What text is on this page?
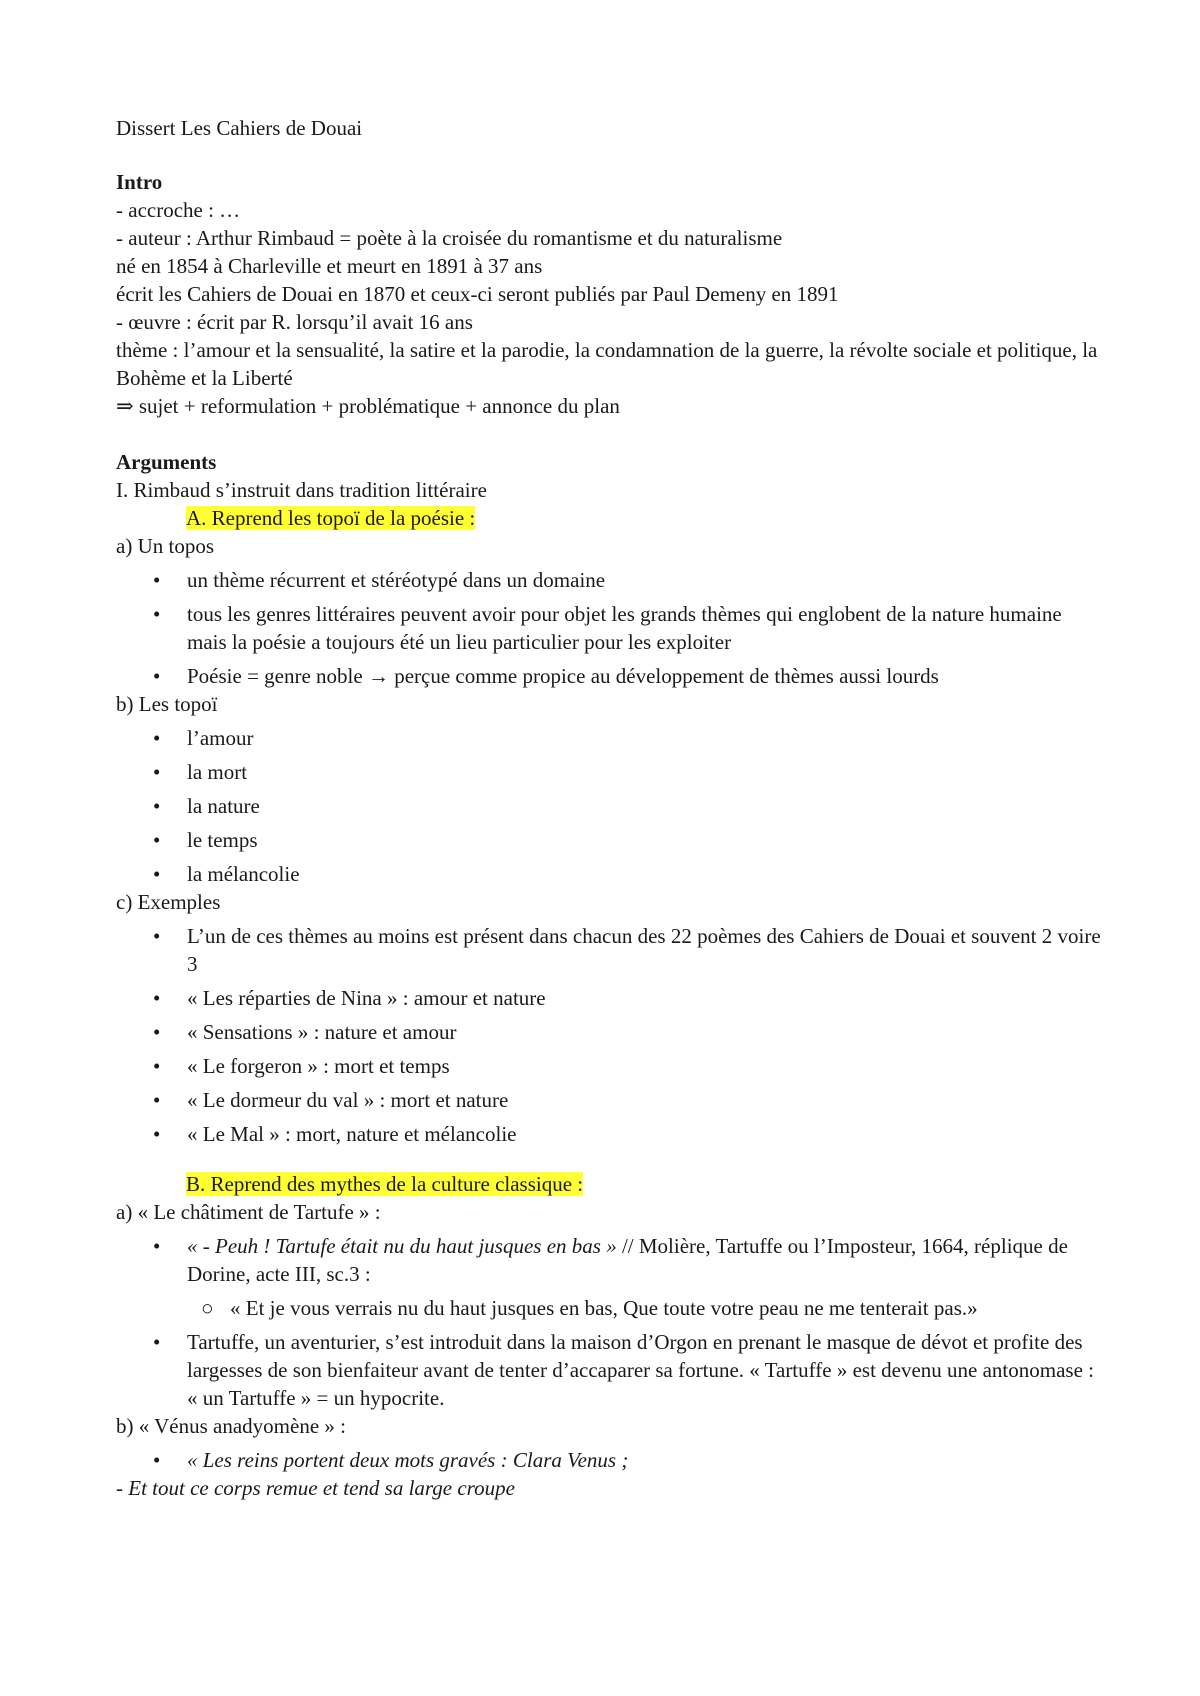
Dissert Les Cahiers de Douai

Intro

- accroche : …

- auteur : Arthur Rimbaud = poète à la croisée du romantisme et du naturalisme

né en 1854 à Charleville et meurt en 1891 à 37 ans

écrit les Cahiers de Douai en 1870 et ceux-ci seront publiés par Paul Demeny en 1891

- œuvre : écrit par R. lorsqu’il avait 16 ans

thème : l’amour et la sensualité, la satire et la parodie, la condamnation de la guerre, la révolte sociale et politique, la Bohème et la Liberté

⇒ sujet + reformulation + problématique + annonce du plan

Arguments

I. Rimbaud s’instruit dans tradition littéraire

A. Reprend les topoï de la poésie :

a) Un topos

• un thème récurrent et stéréotypé dans un domaine
• tous les genres littéraires peuvent avoir pour objet les grands thèmes qui englobent de la nature humaine mais la poésie a toujours été un lieu particulier pour les exploiter
• Poésie = genre noble → perçue comme propice au développement de thèmes aussi lourds

b) Les topoï

• l’amour
• la mort
• la nature
• le temps
• la mélancolie

c) Exemples

• L’un de ces thèmes au moins est présent dans chacun des 22 poèmes des Cahiers de Douai et souvent 2 voire 3
• « Les réparties de Nina » : amour et nature
• « Sensations » : nature et amour
• « Le forgeron » : mort et temps
• « Le dormeur du val » : mort et nature
• « Le Mal » : mort, nature et mélancolie

B. Reprend des mythes de la culture classique :

a) « Le châtiment de Tartufe » :

• « - Peuh ! Tartufe était nu du haut jusques en bas » // Molière, Tartuffe ou l’Imposteur, 1664, réplique de Dorine, acte III, sc.3 :
○ « Et je vous verrais nu du haut jusques en bas, Que toute votre peau ne me tenterait pas.»
• Tartuffe, un aventurier, s’est introduit dans la maison d’Orgon en prenant le masque de dévot et profite des largesses de son bienfaiteur avant de tenter d’accaparer sa fortune. « Tartuffe » est devenu une antonomase : « un Tartuffe » = un hypocrite.

b) « Vénus anadyomène » :

• « Les reins portent deux mots gravés : Clara Venus ;

- Et tout ce corps remue et tend sa large croupe
